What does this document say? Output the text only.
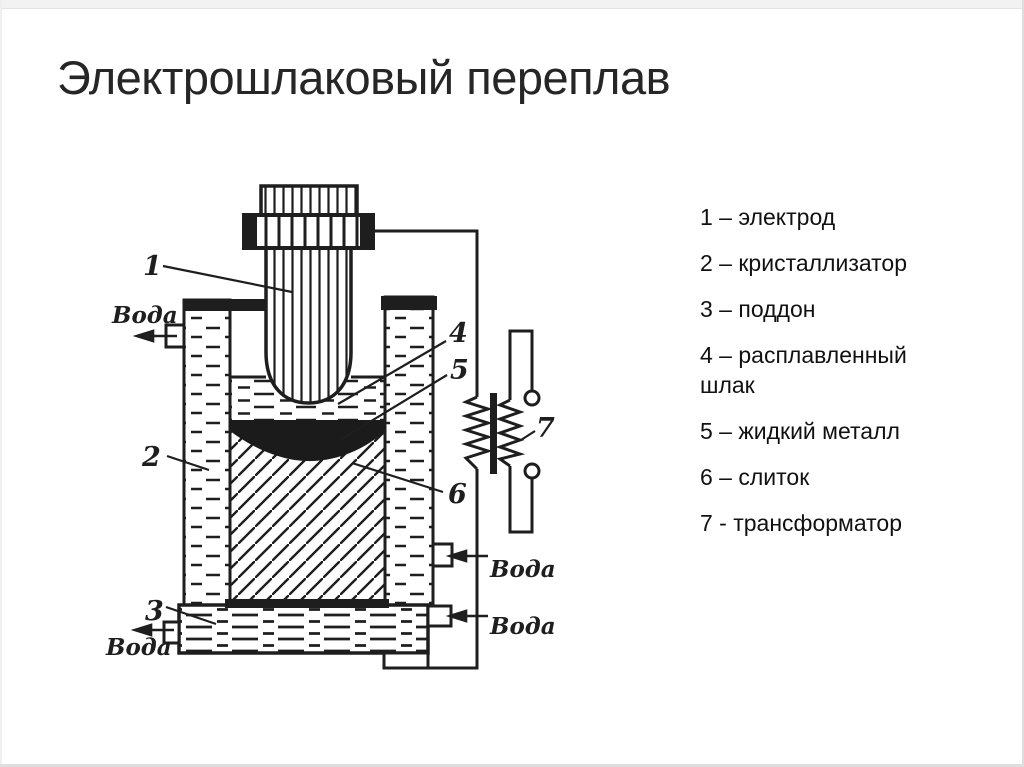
Электрошлаковый переплав
1 – электрод
2 – кристаллизатор
3 – поддон
4 – расплавленный шлак
5 – жидкий металл
6 – слиток
7 - трансформатор
1
2
3
4
5
6
7
Вода
Вода
Вода
Вода
